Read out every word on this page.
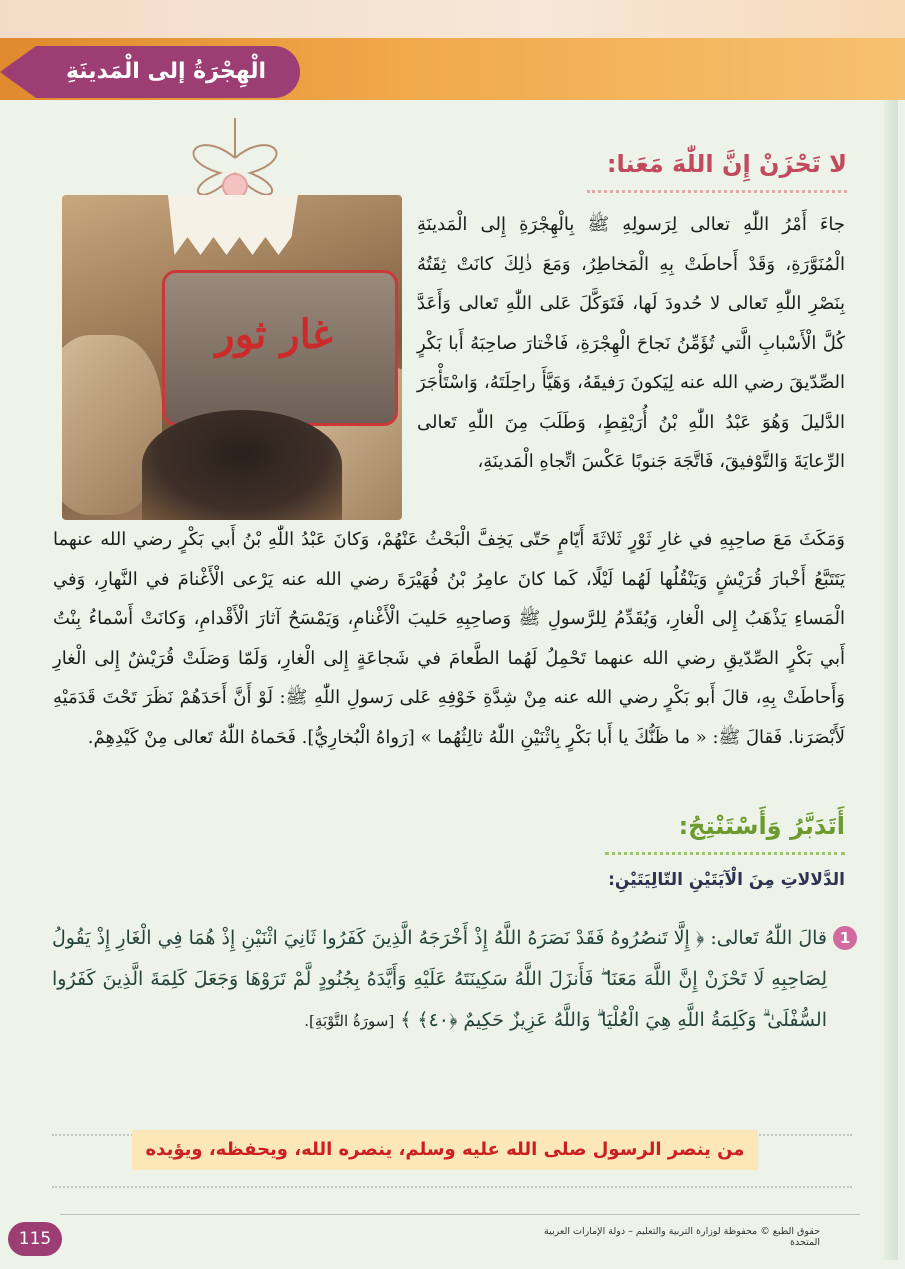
الْهِجْرَةُ إلى الْمَدينَةِ
لا تَحْزَنْ إِنَّ اللّٰهَ مَعَنا:
غار ثور
جاءَ أَمْرُ اللّٰهِ تعالى لِرَسولِهِ ﷺ بِالْهِجْرَةِ إِلى الْمَدينَةِ الْمُنَوَّرَةِ، وَقَدْ أَحاطَتْ بِهِ الْمَخاطِرُ، وَمَعَ ذٰلِكَ كانَتْ ثِقَتُهُ بِنَصْرِ اللّٰهِ تَعالى لا حُدودَ لَها، فَتَوَكَّلَ عَلى اللّٰهِ تَعالى وَأَعَدَّ كُلَّ الْأَسْبابِ الَّتي تُؤَمِّنُ نَجاحَ الْهِجْرَةِ، فَاخْتارَ صاحِبَهُ أَبا بَكْرٍ الصِّدّيقَ رضي الله عنه لِيَكونَ رَفيقَهُ، وَهَيَّأَ راحِلَتَهُ، وَاسْتَأْجَرَ الدَّليلَ وَهُوَ عَبْدُ اللّٰهِ بْنُ أُرَيْقِطٍ، وَطَلَبَ مِنَ اللّٰهِ تَعالى الرِّعايَةَ وَالتَّوْفيقَ، فَاتَّجَهَ جَنوبًا عَكْسَ اتِّجاهِ الْمَدينَةِ،
وَمَكَثَ مَعَ صاحِبِهِ في غارِ ثَوْرٍ ثَلاثَةَ أَيّامٍ حَتّى يَخِفَّ الْبَحْثُ عَنْهُمْ، وَكانَ عَبْدُ اللّٰهِ بْنُ أَبي بَكْرٍ رضي الله عنهما يَتَتَبَّعُ أَخْبارَ قُرَيْشٍ وَيَنْقُلُها لَهُما لَيْلًا، كَما كانَ عامِرُ بْنُ فُهَيْرَةَ رضي الله عنه يَرْعى الْأَغْنامَ في النَّهارِ، وَفي الْمَساءِ يَذْهَبُ إِلى الْغارِ، وَيُقَدِّمُ لِلرَّسولِ ﷺ وَصاحِبِهِ حَليبَ الْأَغْنامِ، وَيَمْسَحُ آثارَ الْأَقْدامِ، وَكانَتْ أَسْماءُ بِنْتُ أَبي بَكْرٍ الصِّدّيقِ رضي الله عنهما تَحْمِلُ لَهُما الطَّعامَ في شَجاعَةٍ إِلى الْغارِ، وَلَمّا وَصَلَتْ قُرَيْشٌ إِلى الْغارِ وَأَحاطَتْ بِهِ، قالَ أَبو بَكْرٍ رضي الله عنه مِنْ شِدَّةِ خَوْفِهِ عَلى رَسولِ اللّٰهِ ﷺ: لَوْ أَنَّ أَحَدَهُمْ نَظَرَ تَحْتَ قَدَمَيْهِ لَأَبْصَرَنا. فَقالَ ﷺ: « ما ظَنُّكَ يا أَبا بَكْرٍ بِاثْنَيْنِ اللّٰهُ ثالِثُهُما » [رَواهُ الْبُخارِيُّ]. فَحَماهُ اللّٰهُ تَعالى مِنْ كَيْدِهِمْ.
أَتَدَبَّرُ وَأَسْتَنْتِجُ:
الدَّلالاتِ مِنَ الْآيَتَيْنِ التّالِيَتَيْنِ:
1
قالَ اللّٰهُ تَعالى: ﴿ إِلَّا تَنصُرُوهُ فَقَدْ نَصَرَهُ اللَّهُ إِذْ أَخْرَجَهُ الَّذِينَ كَفَرُوا ثَانِيَ اثْنَيْنِ إِذْ هُمَا فِي الْغَارِ إِذْ يَقُولُ لِصَاحِبِهِ لَا تَحْزَنْ إِنَّ اللَّهَ مَعَنَا ۖ فَأَنزَلَ اللَّهُ سَكِينَتَهُ عَلَيْهِ وَأَيَّدَهُ بِجُنُودٍ لَّمْ تَرَوْهَا وَجَعَلَ كَلِمَةَ الَّذِينَ كَفَرُوا السُّفْلَىٰ ۗ وَكَلِمَةُ اللَّهِ هِيَ الْعُلْيَا ۗ وَاللَّهُ عَزِيزٌ حَكِيمٌ ﴿٤٠﴾ ﴾ [سورَةُ التَّوْبَةِ].
من ينصر الرسول صلى الله عليه وسلم، ينصره الله، ويحفظه، ويؤيده
115	حقوق الطبع © محفوظة لوزارة التربية والتعليم – دولة الإمارات العربية المتحدة
